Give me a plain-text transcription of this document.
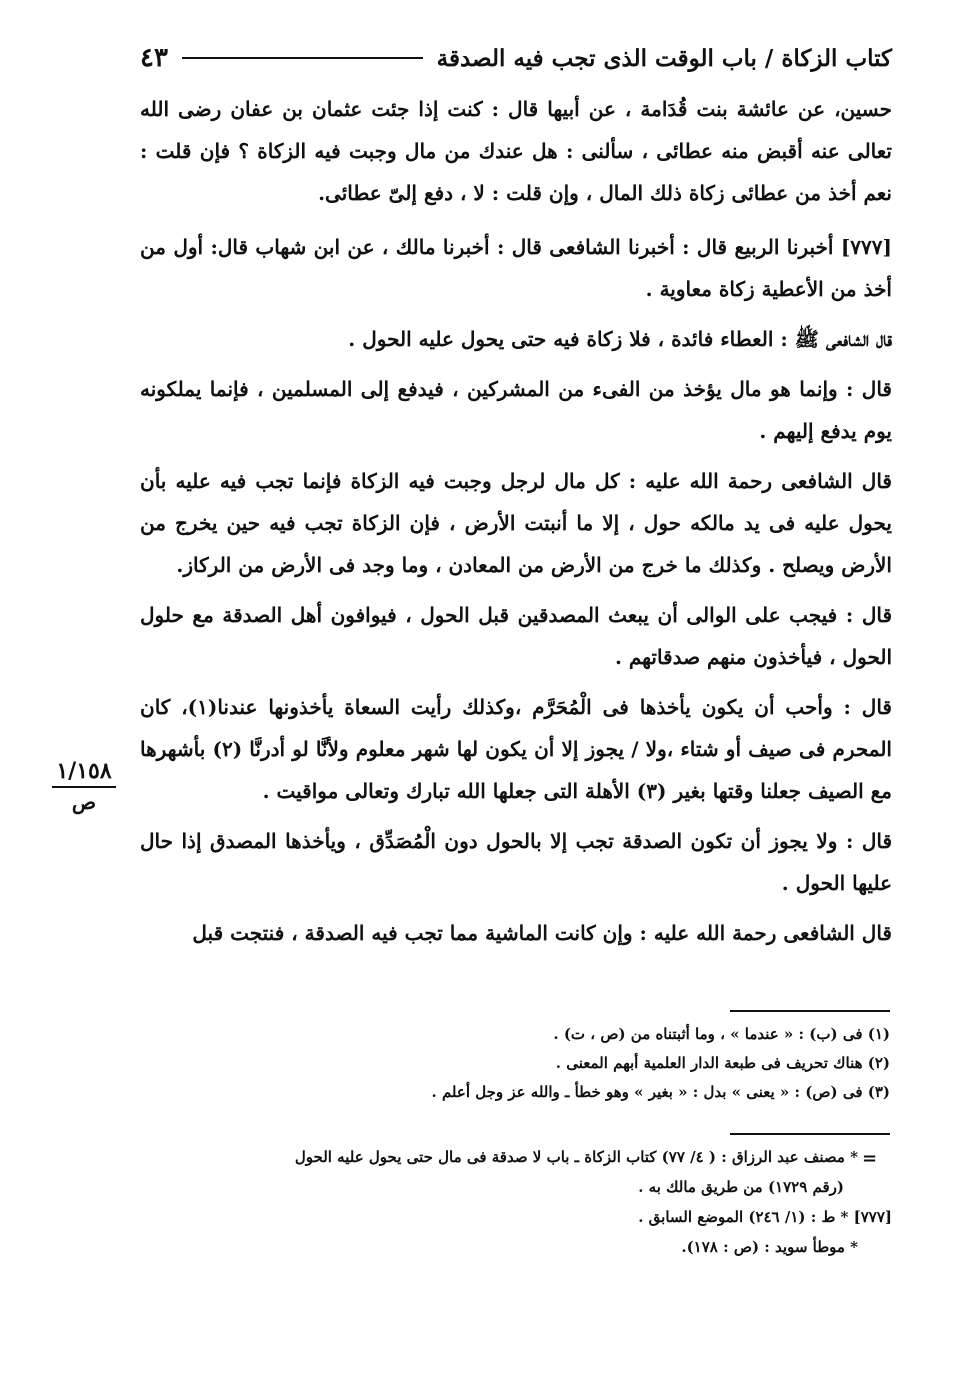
كتاب الزكاة / باب الوقت الذى تجب فيه الصدقة
٤٣

حسين، عن عائشة بنت قُدَامة ، عن أبيها قال : كنت إذا جئت عثمان بن عفان رضى الله تعالى عنه أقبض منه عطائى ، سألنى : هل عندك من مال وجبت فيه الزكاة ؟ فإن قلت : نعم أخذ من عطائى زكاة ذلك المال ، وإن قلت : لا ، دفع إلىّ عطائى.

[٧٧٧] أخبرنا الربيع قال : أخبرنا الشافعى قال : أخبرنا مالك ، عن ابن شهاب قال: أول من أخذ من الأعطية زكاة معاوية .

قال الشافعى ﷺ : العطاء فائدة ، فلا زكاة فيه حتى يحول عليه الحول .

قال : وإنما هو مال يؤخذ من الفىء من المشركين ، فيدفع إلى المسلمين ، فإنما يملكونه يوم يدفع إليهم .

قال الشافعى رحمة الله عليه : كل مال لرجل وجبت فيه الزكاة فإنما تجب فيه عليه بأن يحول عليه فى يد مالكه حول ، إلا ما أنبتت الأرض ، فإن الزكاة تجب فيه حين يخرج من الأرض ويصلح . وكذلك ما خرج من الأرض من المعادن ، وما وجد فى الأرض من الركاز.

قال : فيجب على الوالى أن يبعث المصدقين قبل الحول ، فيوافون أهل الصدقة مع حلول الحول ، فيأخذون منهم صدقاتهم .

قال : وأحب أن يكون يأخذها فى الْمُحَرَّم ،وكذلك رأيت السعاة يأخذونها عندنا(١)، كان المحرم فى صيف أو شتاء ،ولا / يجوز إلا أن يكون لها شهر معلوم ولأنَّا لو أدرنَّا (٢) بأشهرها مع الصيف جعلنا وقتها بغير (٣) الأهلة التى جعلها الله تبارك وتعالى مواقيت .

قال : ولا يجوز أن تكون الصدقة تجب إلا بالحول دون الْمُصَدِّق ، ويأخذها المصدق إذا حال عليها الحول .

قال الشافعى رحمة الله عليه : وإن كانت الماشية مما تجب فيه الصدقة ، فنتجت قبل

١/١٥٨
ص

(١) فى (ب) : « عندما » ، وما أثبتناه من (ص ، ت) .

(٢) هناك تحريف فى طبعة الدار العلمية أبهم المعنى .

(٣) فى (ص) : « يعنى » بدل : « بغير » وهو خطأ ـ والله عز وجل أعلم .

=

* مصنف عبد الرزاق : ( ٤/ ٧٧) كتاب الزكاة ـ باب لا صدقة فى مال حتى يحول عليه الحول

(رقم ١٧٢٩) من طريق مالك به .

[٧٧٧] * ط : (١/ ٢٤٦) الموضع السابق .

* موطأ سويد : (ص : ١٧٨).
